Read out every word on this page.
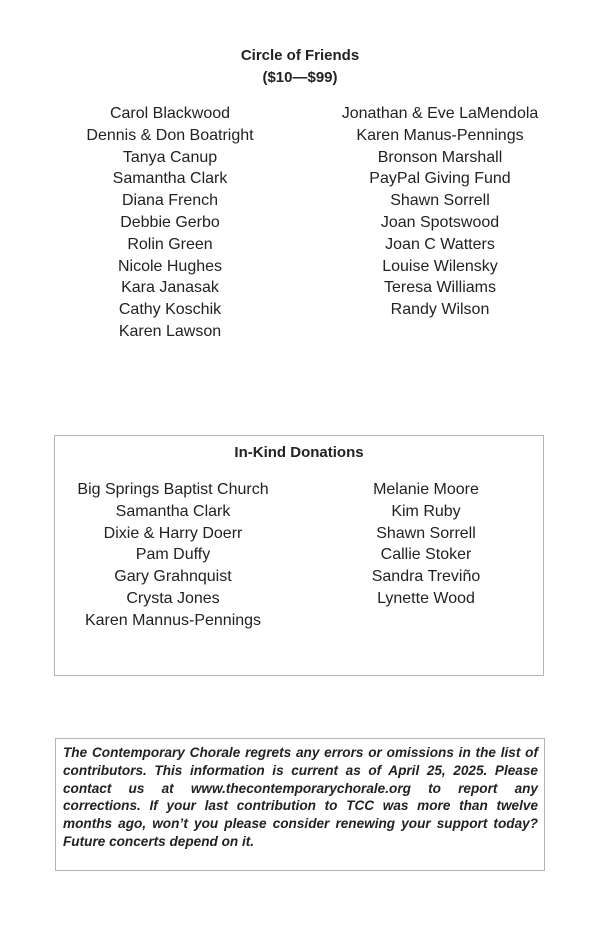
Circle of Friends
($10—$99)
Carol Blackwood
Dennis & Don Boatright
Tanya Canup
Samantha Clark
Diana French
Debbie Gerbo
Rolin Green
Nicole Hughes
Kara Janasak
Cathy Koschik
Karen Lawson
Jonathan & Eve LaMendola
Karen Manus-Pennings
Bronson Marshall
PayPal Giving Fund
Shawn Sorrell
Joan Spotswood
Joan C Watters
Louise Wilensky
Teresa Williams
Randy Wilson
In-Kind Donations
Big Springs Baptist Church
Samantha Clark
Dixie & Harry Doerr
Pam Duffy
Gary Grahnquist
Crysta Jones
Karen Mannus-Pennings
Melanie Moore
Kim Ruby
Shawn Sorrell
Callie Stoker
Sandra Treviño
Lynette Wood

The Contemporary Chorale regrets any errors or omissions in the list of contributors. This information is current as of April 25, 2025. Please contact us at www.thecontemporarychorale.org to report any corrections. If your last contribution to TCC was more than twelve months ago, won’t you please consider renewing your support today? Future concerts depend on it.
